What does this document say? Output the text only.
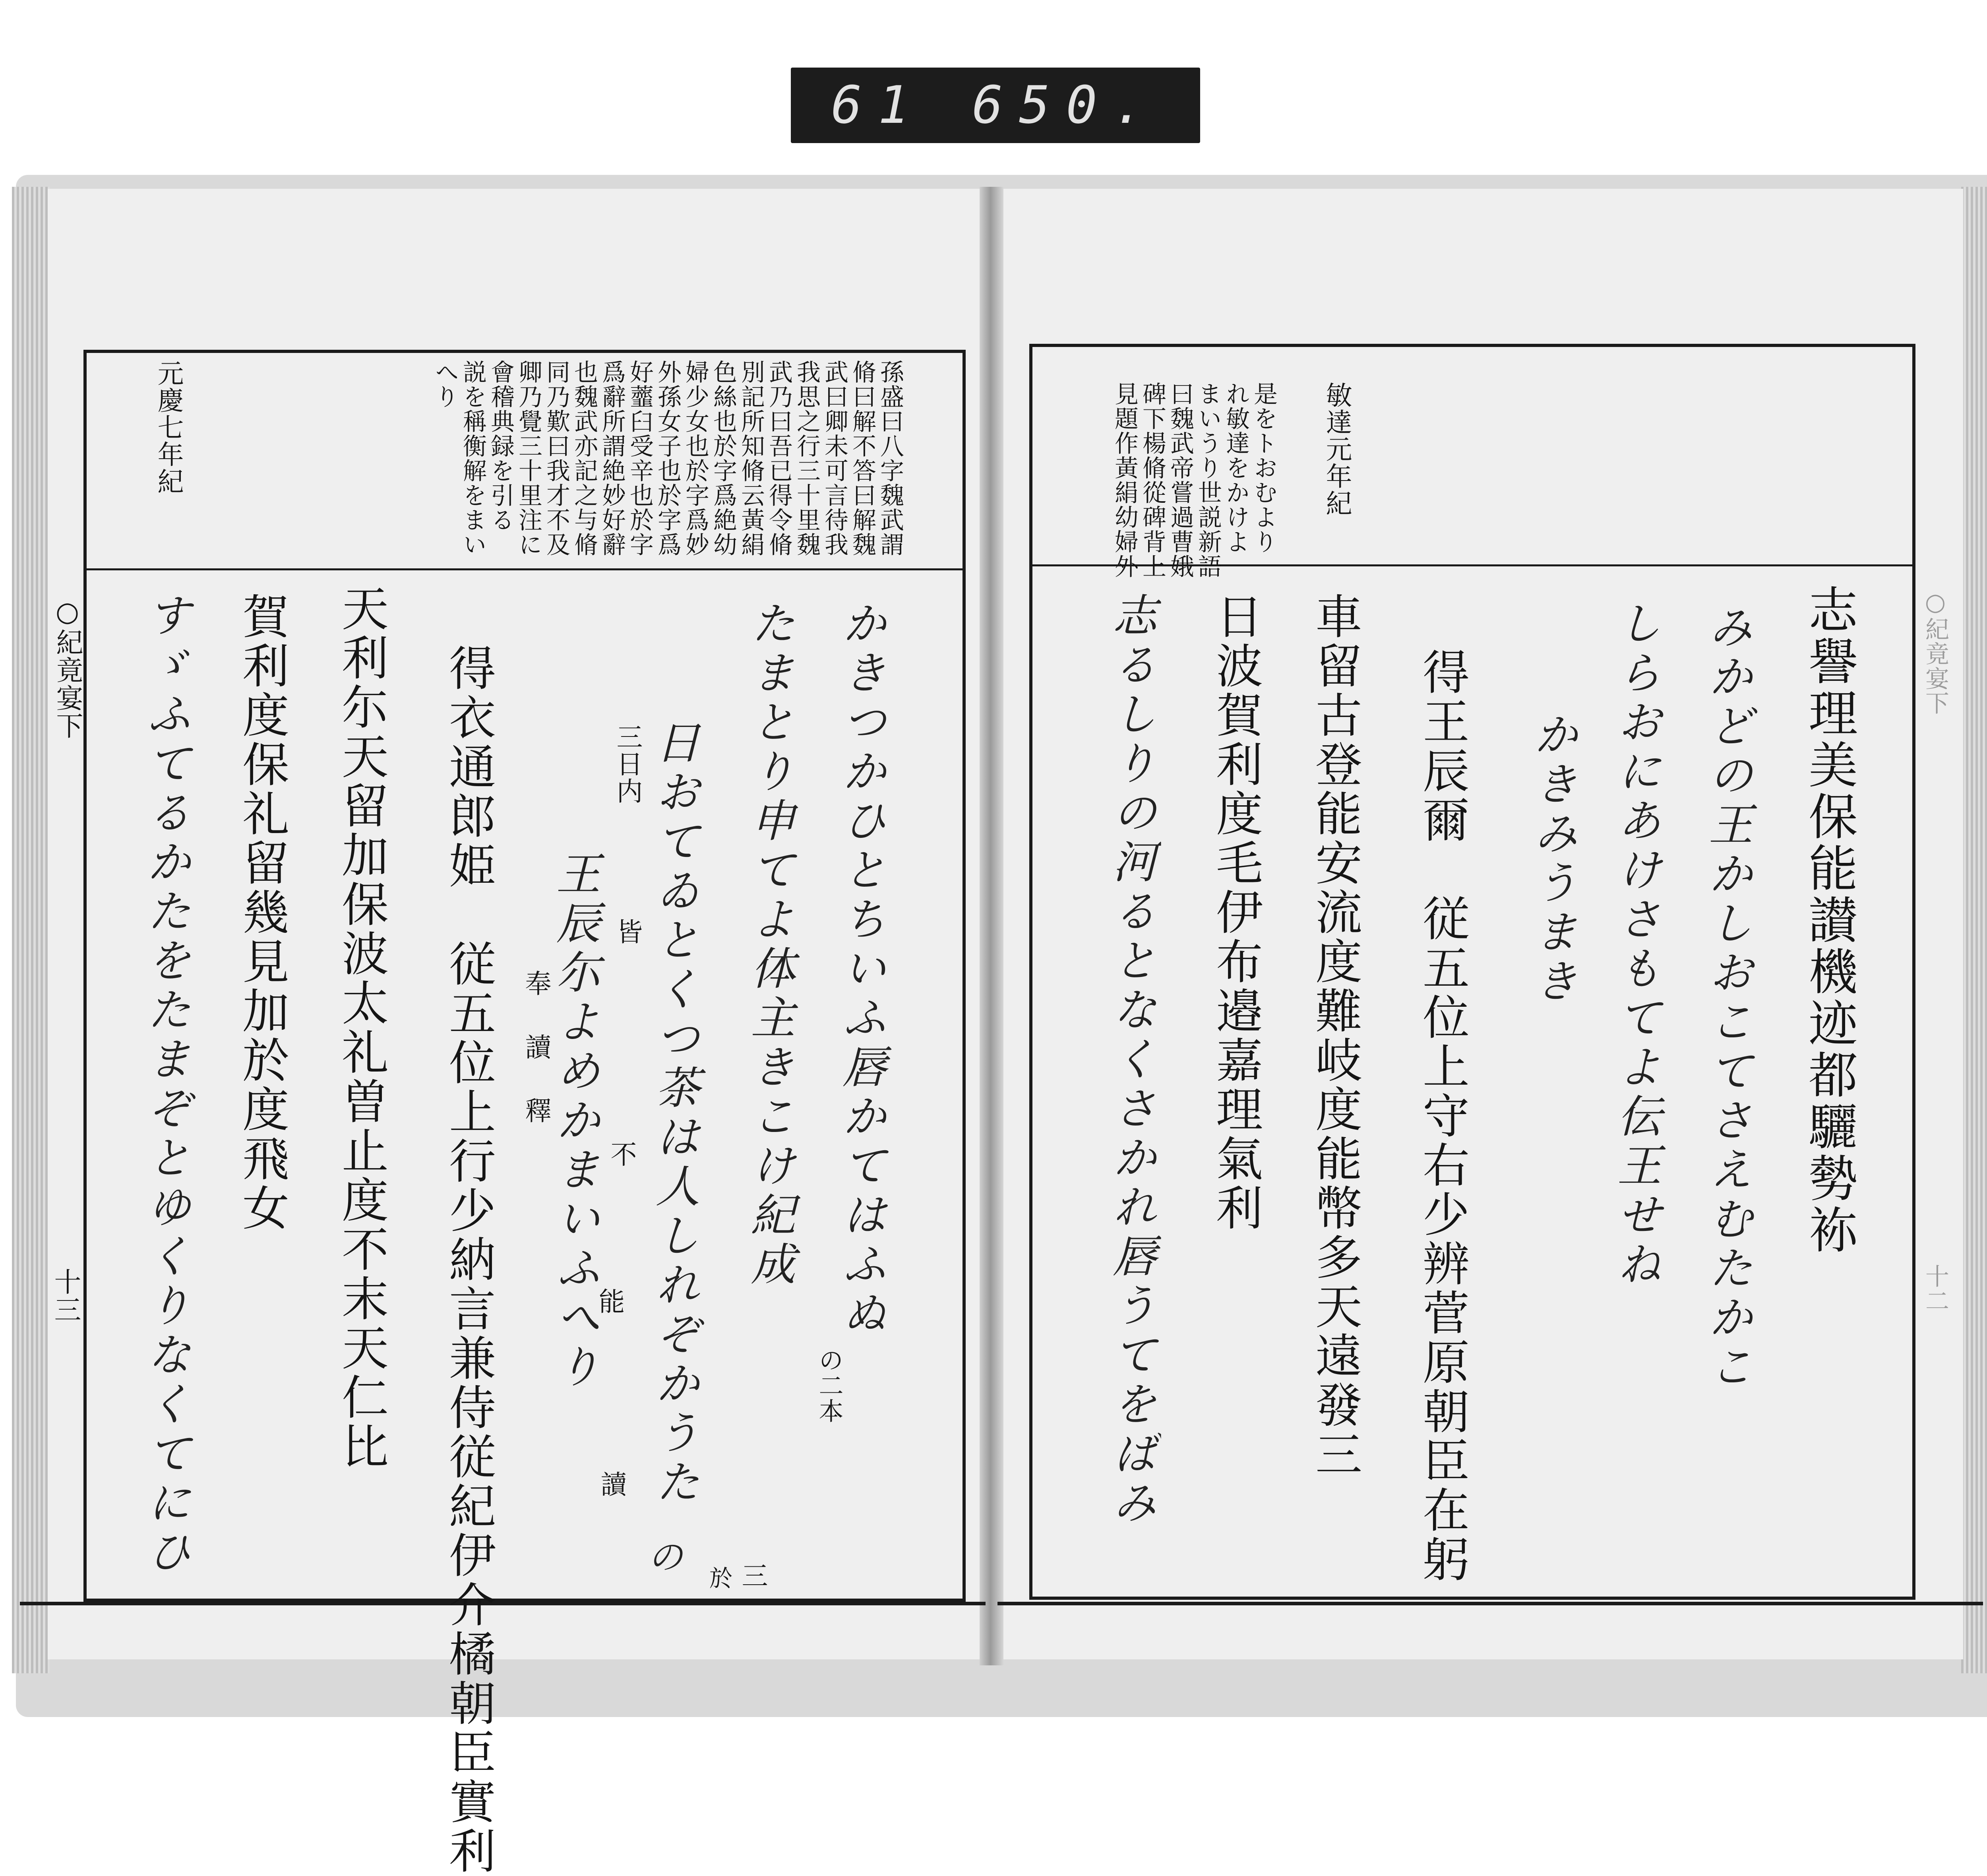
61 650.
○紀竟宴下
十三
○紀竟宴下
十二
孫盛曰八字魏武謂
脩曰解不答曰解魏
武曰卿未可言待我
我思之行三十里魏
武乃曰吾已得令脩
別記所知脩云黃絹
色絲也於字爲絶幼
婦少女也於字爲妙
外孫女子也於字爲
好虀臼受辛也於字
爲辭所謂絶妙好辭
也魏武亦記之与脩
同乃歎曰我才不及
卿乃覺三十里注に
會稽典録を引る
説を稱衡解をまい
へり
元慶七年紀
かきつかひとちいふ唇かてはふぬ
たまとり申てよ体主きこけ紀成
日おてゐとくつ茶は人しれぞかうた
王辰尓よめかまいふへり
得衣通郎姫　従五位上行少納言兼侍従紀伊介橘朝臣實利
天利尓天留加保波太礼曽止度不末天仁比
賀利度保礼留幾見加於度飛女
すゞふてるかたをたまぞとゆくりなくてにひ	三日内
皆
不
能
讀
奉
讀
釋
の二本
三
於
の
敏達元年紀
是をトおむより
れ敏達をかけよ
まいうり世説新語
曰魏武帝嘗過曹娥
碑下楊脩從碑背上
見題作黃絹幼婦外
志譽理美保能讃機迹都驪勢袮
みかどの王かしおこてさえむたかこ
しらおにあけさもてよ伝王せね
かきみうまき
得王辰爾　従五位上守右少辨菅原朝臣在躬
車留古登能安流度難岐度能幣多天遠發三
日波賀利度毛伊布邉嘉理氣利
志るしりの河るとなくさかれ唇うてをばみ
